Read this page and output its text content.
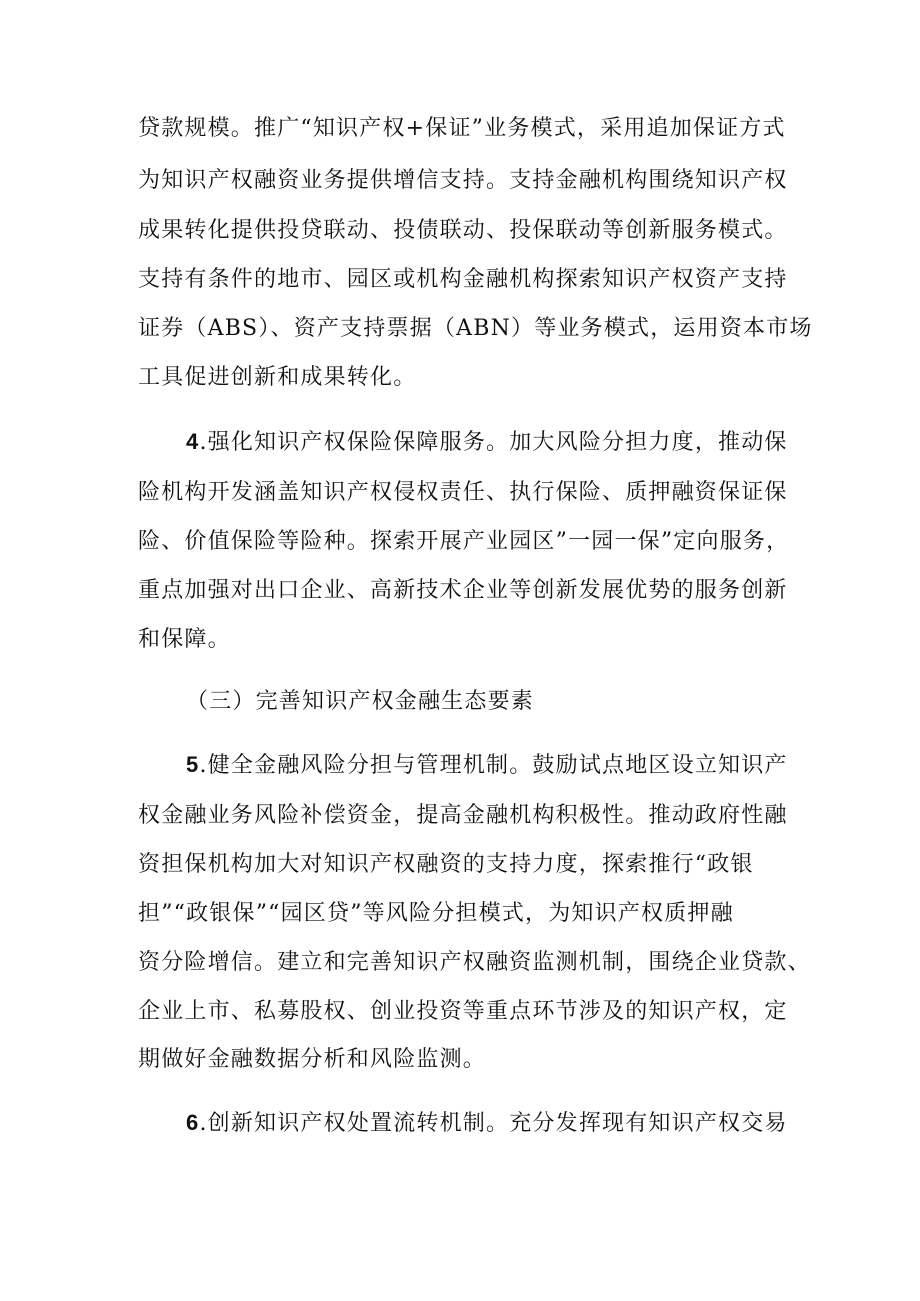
贷款规模。推广“知识产权+保证”业务模式，采用追加保证方式
为知识产权融资业务提供增信支持。支持金融机构围绕知识产权
成果转化提供投贷联动、投债联动、投保联动等创新服务模式。
支持有条件的地市、园区或机构金融机构探索知识产权资产支持
证券（ABS）、资产支持票据（ABN）等业务模式，运用资本市场
工具促进创新和成果转化。
4.强化知识产权保险保障服务。加大风险分担力度，推动保
险机构开发涵盖知识产权侵权责任、执行保险、质押融资保证保
险、价值保险等险种。探索开展产业园区”一园一保”定向服务，
重点加强对出口企业、高新技术企业等创新发展优势的服务创新
和保障。
（三）完善知识产权金融生态要素
5.健全金融风险分担与管理机制。鼓励试点地区设立知识产
权金融业务风险补偿资金，提高金融机构积极性。推动政府性融
资担保机构加大对知识产权融资的支持力度，探索推行“政银
担”“政银保”“园区贷”等风险分担模式，为知识产权质押融
资分险增信。建立和完善知识产权融资监测机制，围绕企业贷款、
企业上市、私募股权、创业投资等重点环节涉及的知识产权，定
期做好金融数据分析和风险监测。
6.创新知识产权处置流转机制。充分发挥现有知识产权交易
